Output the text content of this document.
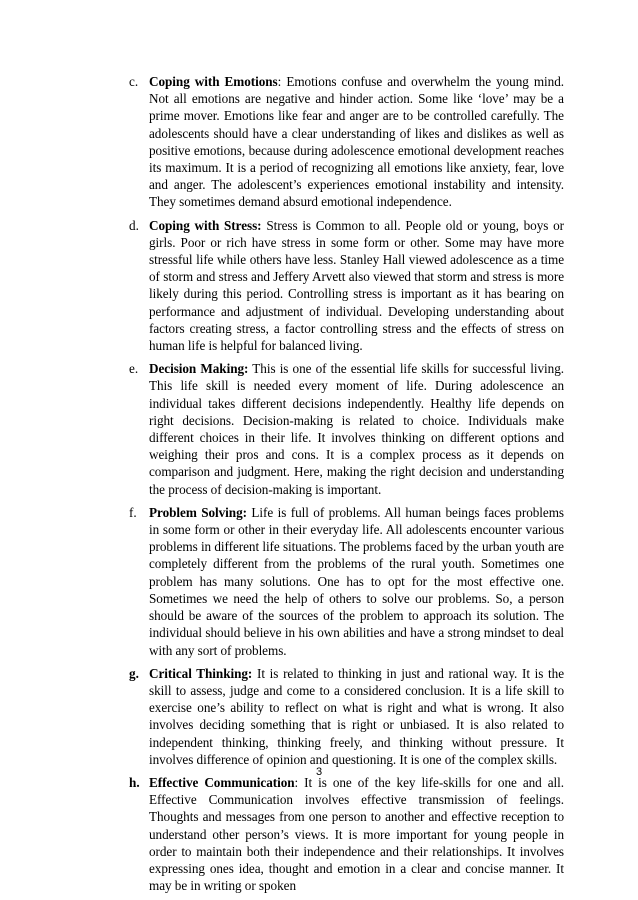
c. Coping with Emotions: Emotions confuse and overwhelm the young mind. Not all emotions are negative and hinder action. Some like ‘love’ may be a prime mover. Emotions like fear and anger are to be controlled carefully. The adolescents should have a clear understanding of likes and dislikes as well as positive emotions, because during adolescence emotional development reaches its maximum. It is a period of recognizing all emotions like anxiety, fear, love and anger. The adolescent’s experiences emotional instability and intensity. They sometimes demand absurd emotional independence.
d. Coping with Stress: Stress is Common to all. People old or young, boys or girls. Poor or rich have stress in some form or other. Some may have more stressful life while others have less. Stanley Hall viewed adolescence as a time of storm and stress and Jeffery Arvett also viewed that storm and stress is more likely during this period. Controlling stress is important as it has bearing on performance and adjustment of individual. Developing understanding about factors creating stress, a factor controlling stress and the effects of stress on human life is helpful for balanced living.
e. Decision Making: This is one of the essential life skills for successful living. This life skill is needed every moment of life. During adolescence an individual takes different decisions independently. Healthy life depends on right decisions. Decision-making is related to choice. Individuals make different choices in their life. It involves thinking on different options and weighing their pros and cons. It is a complex process as it depends on comparison and judgment. Here, making the right decision and understanding the process of decision-making is important.
f. Problem Solving: Life is full of problems. All human beings faces problems in some form or other in their everyday life. All adolescents encounter various problems in different life situations. The problems faced by the urban youth are completely different from the problems of the rural youth. Sometimes one problem has many solutions. One has to opt for the most effective one. Sometimes we need the help of others to solve our problems. So, a person should be aware of the sources of the problem to approach its solution. The individual should believe in his own abilities and have a strong mindset to deal with any sort of problems.
g. Critical Thinking: It is related to thinking in just and rational way. It is the skill to assess, judge and come to a considered conclusion. It is a life skill to exercise one’s ability to reflect on what is right and what is wrong. It also involves deciding something that is right or unbiased. It is also related to independent thinking, thinking freely, and thinking without pressure. It involves difference of opinion and questioning. It is one of the complex skills.
h. Effective Communication: It is one of the key life-skills for one and all. Effective Communication involves effective transmission of feelings. Thoughts and messages from one person to another and effective reception to understand other person’s views. It is more important for young people in order to maintain both their independence and their relationships. It involves expressing ones idea, thought and emotion in a clear and concise manner. It may be in writing or spoken
3
